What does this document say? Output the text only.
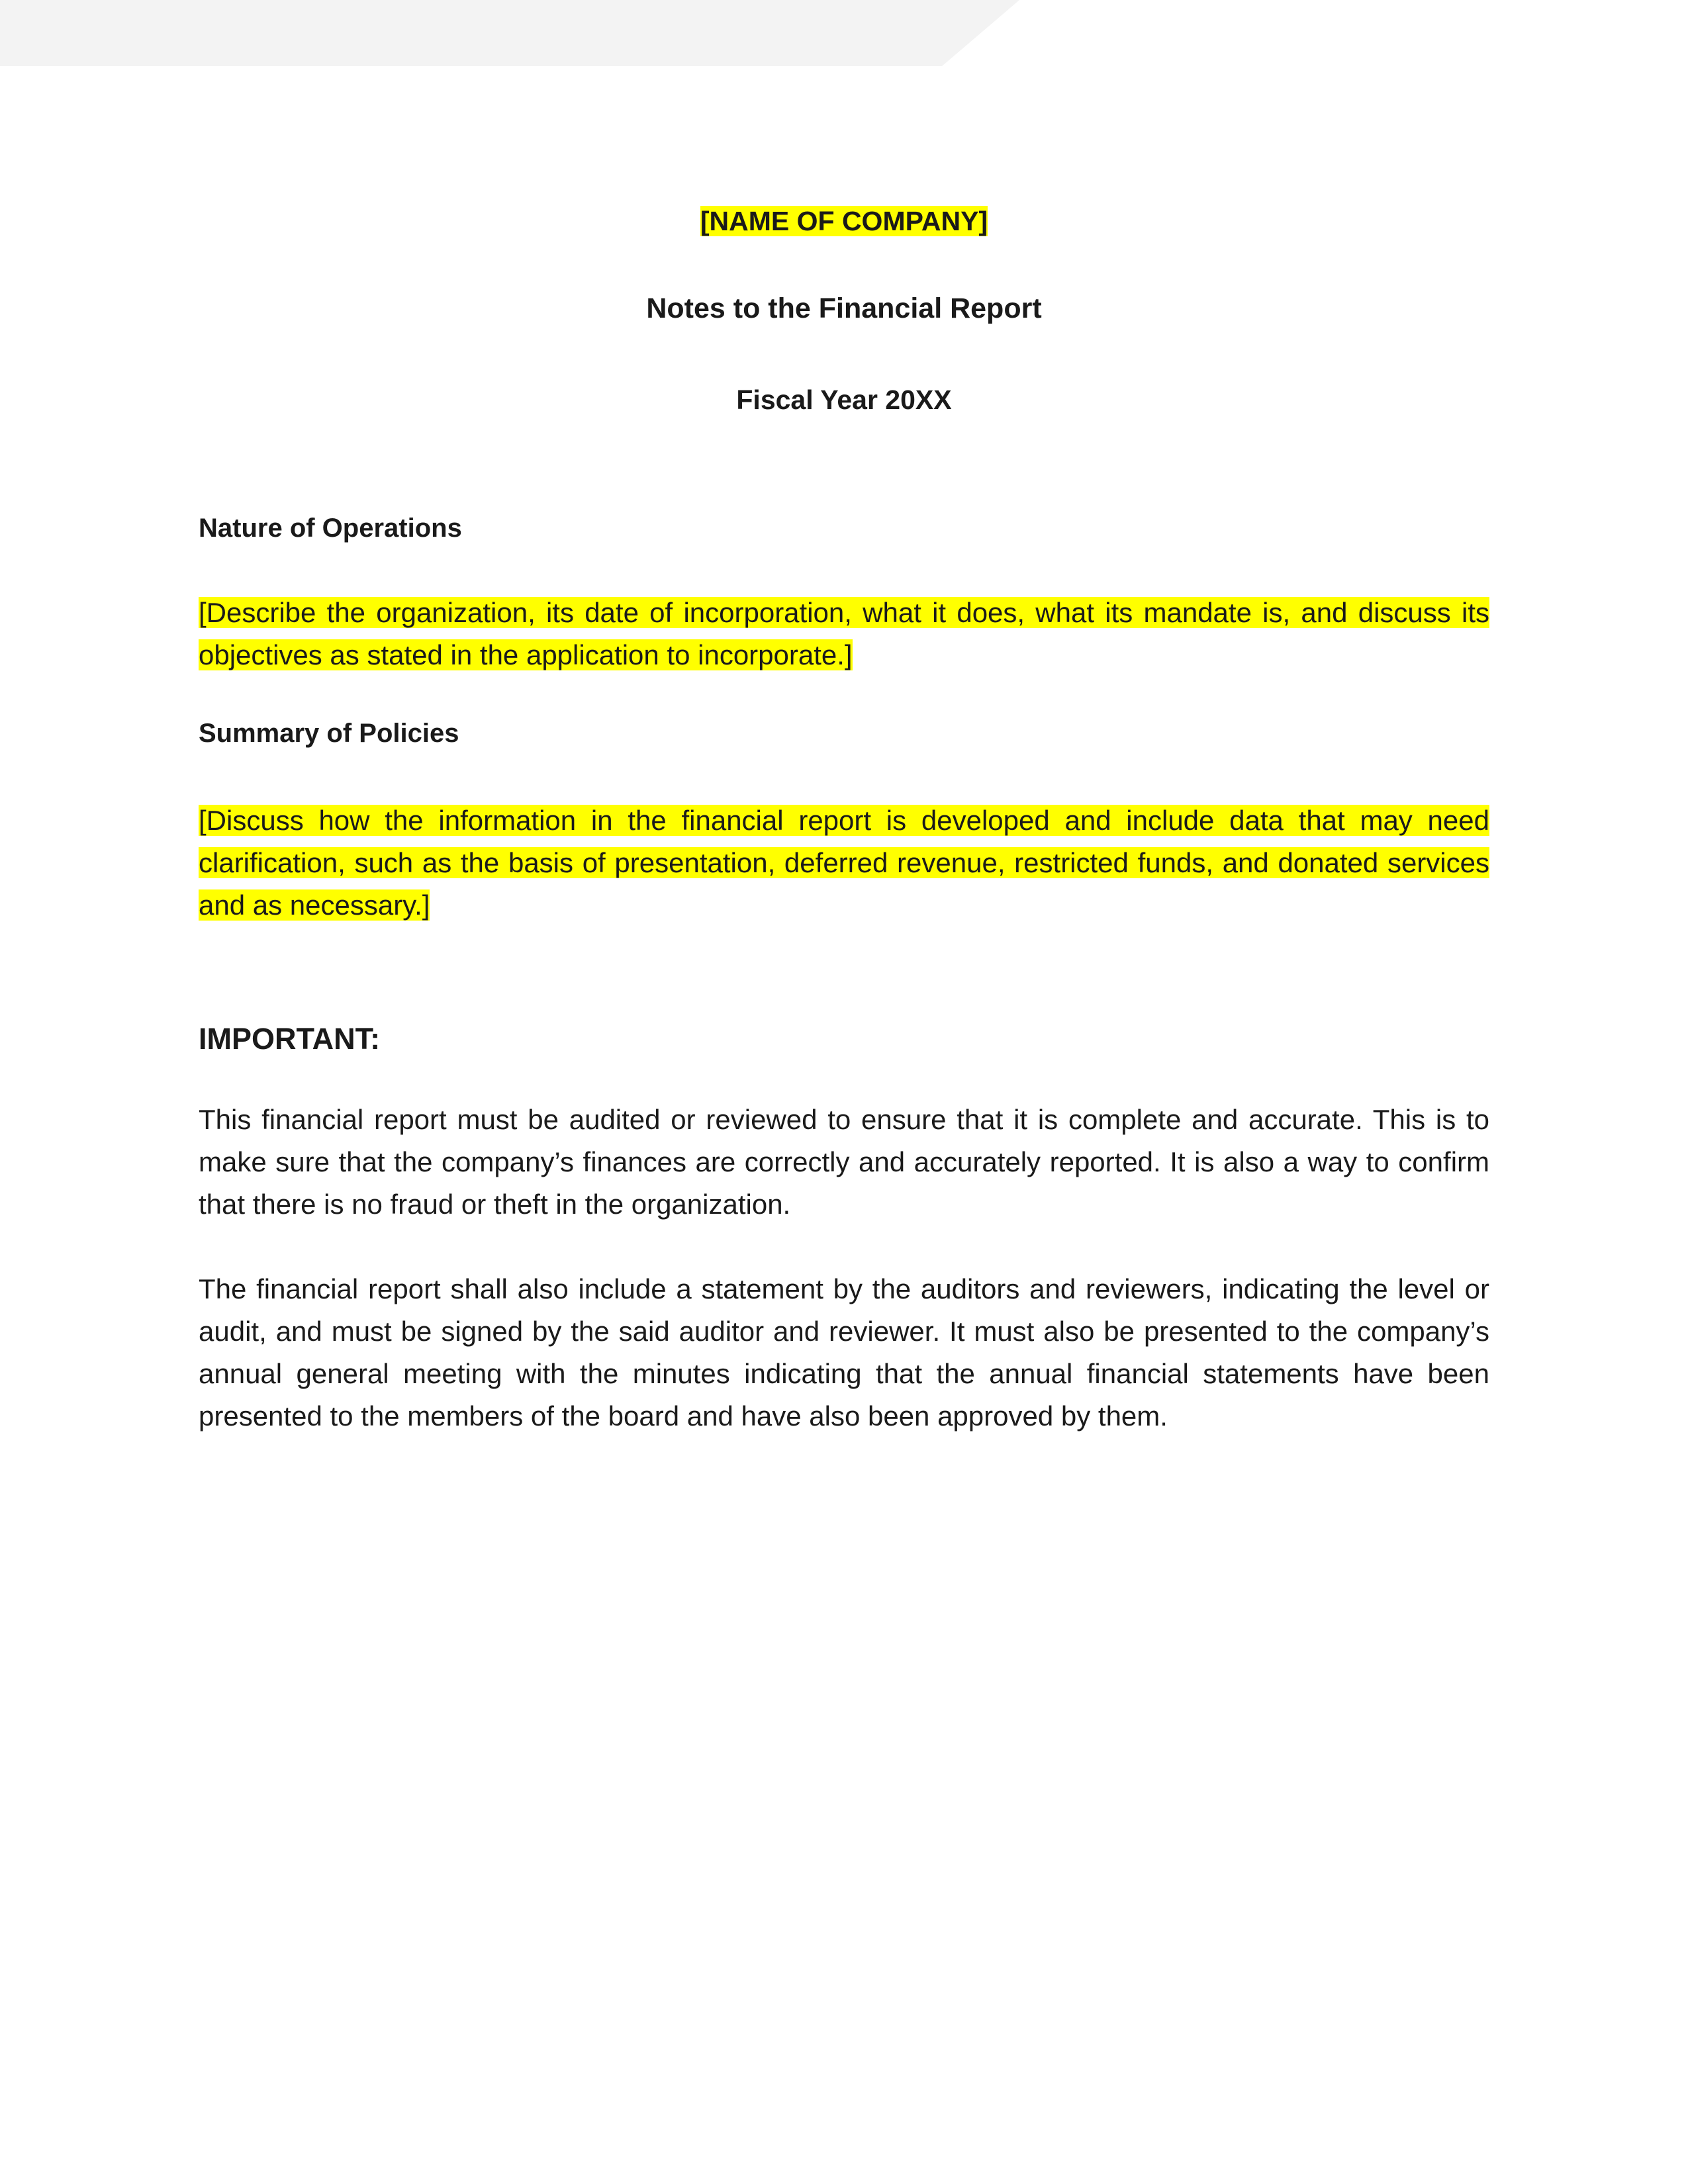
[NAME OF COMPANY]

Notes to the Financial Report

Fiscal Year 20XX

Nature of Operations

[Describe the organization, its date of incorporation, what it does, what its mandate is, and discuss its objectives as stated in the application to incorporate.]

Summary of Policies

[Discuss how the information in the financial report is developed and include data that may need clarification, such as the basis of presentation, deferred revenue, restricted funds, and donated services and as necessary.]

IMPORTANT:

This financial report must be audited or reviewed to ensure that it is complete and accurate. This is to make sure that the company’s finances are correctly and accurately reported. It is also a way to confirm that there is no fraud or theft in the organization.

The financial report shall also include a statement by the auditors and reviewers, indicating the level or audit, and must be signed by the said auditor and reviewer. It must also be presented to the company’s annual general meeting with the minutes indicating that the annual financial statements have been presented to the members of the board and have also been approved by them.
